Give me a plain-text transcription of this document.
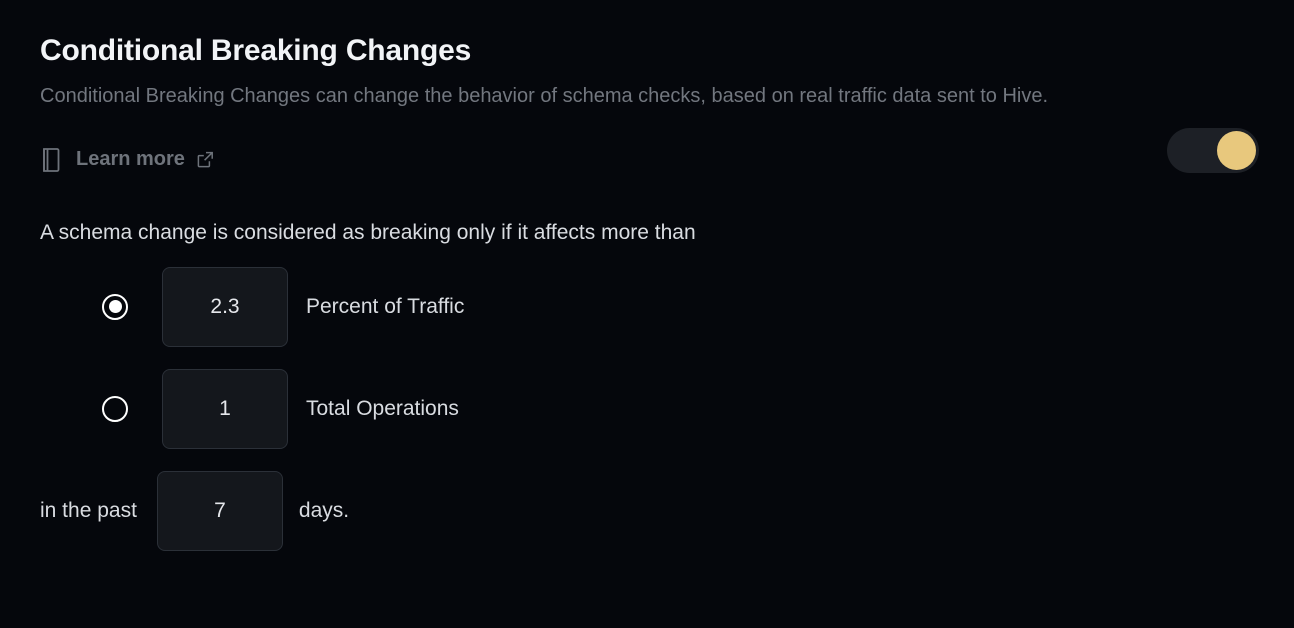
Conditional Breaking Changes

Conditional Breaking Changes can change the behavior of schema checks, based on real traffic data sent to Hive.

Learn more
A schema change is considered as breaking only if it affects more than
2.3
Percent of Traffic
1
Total Operations
in the past
7	days.
